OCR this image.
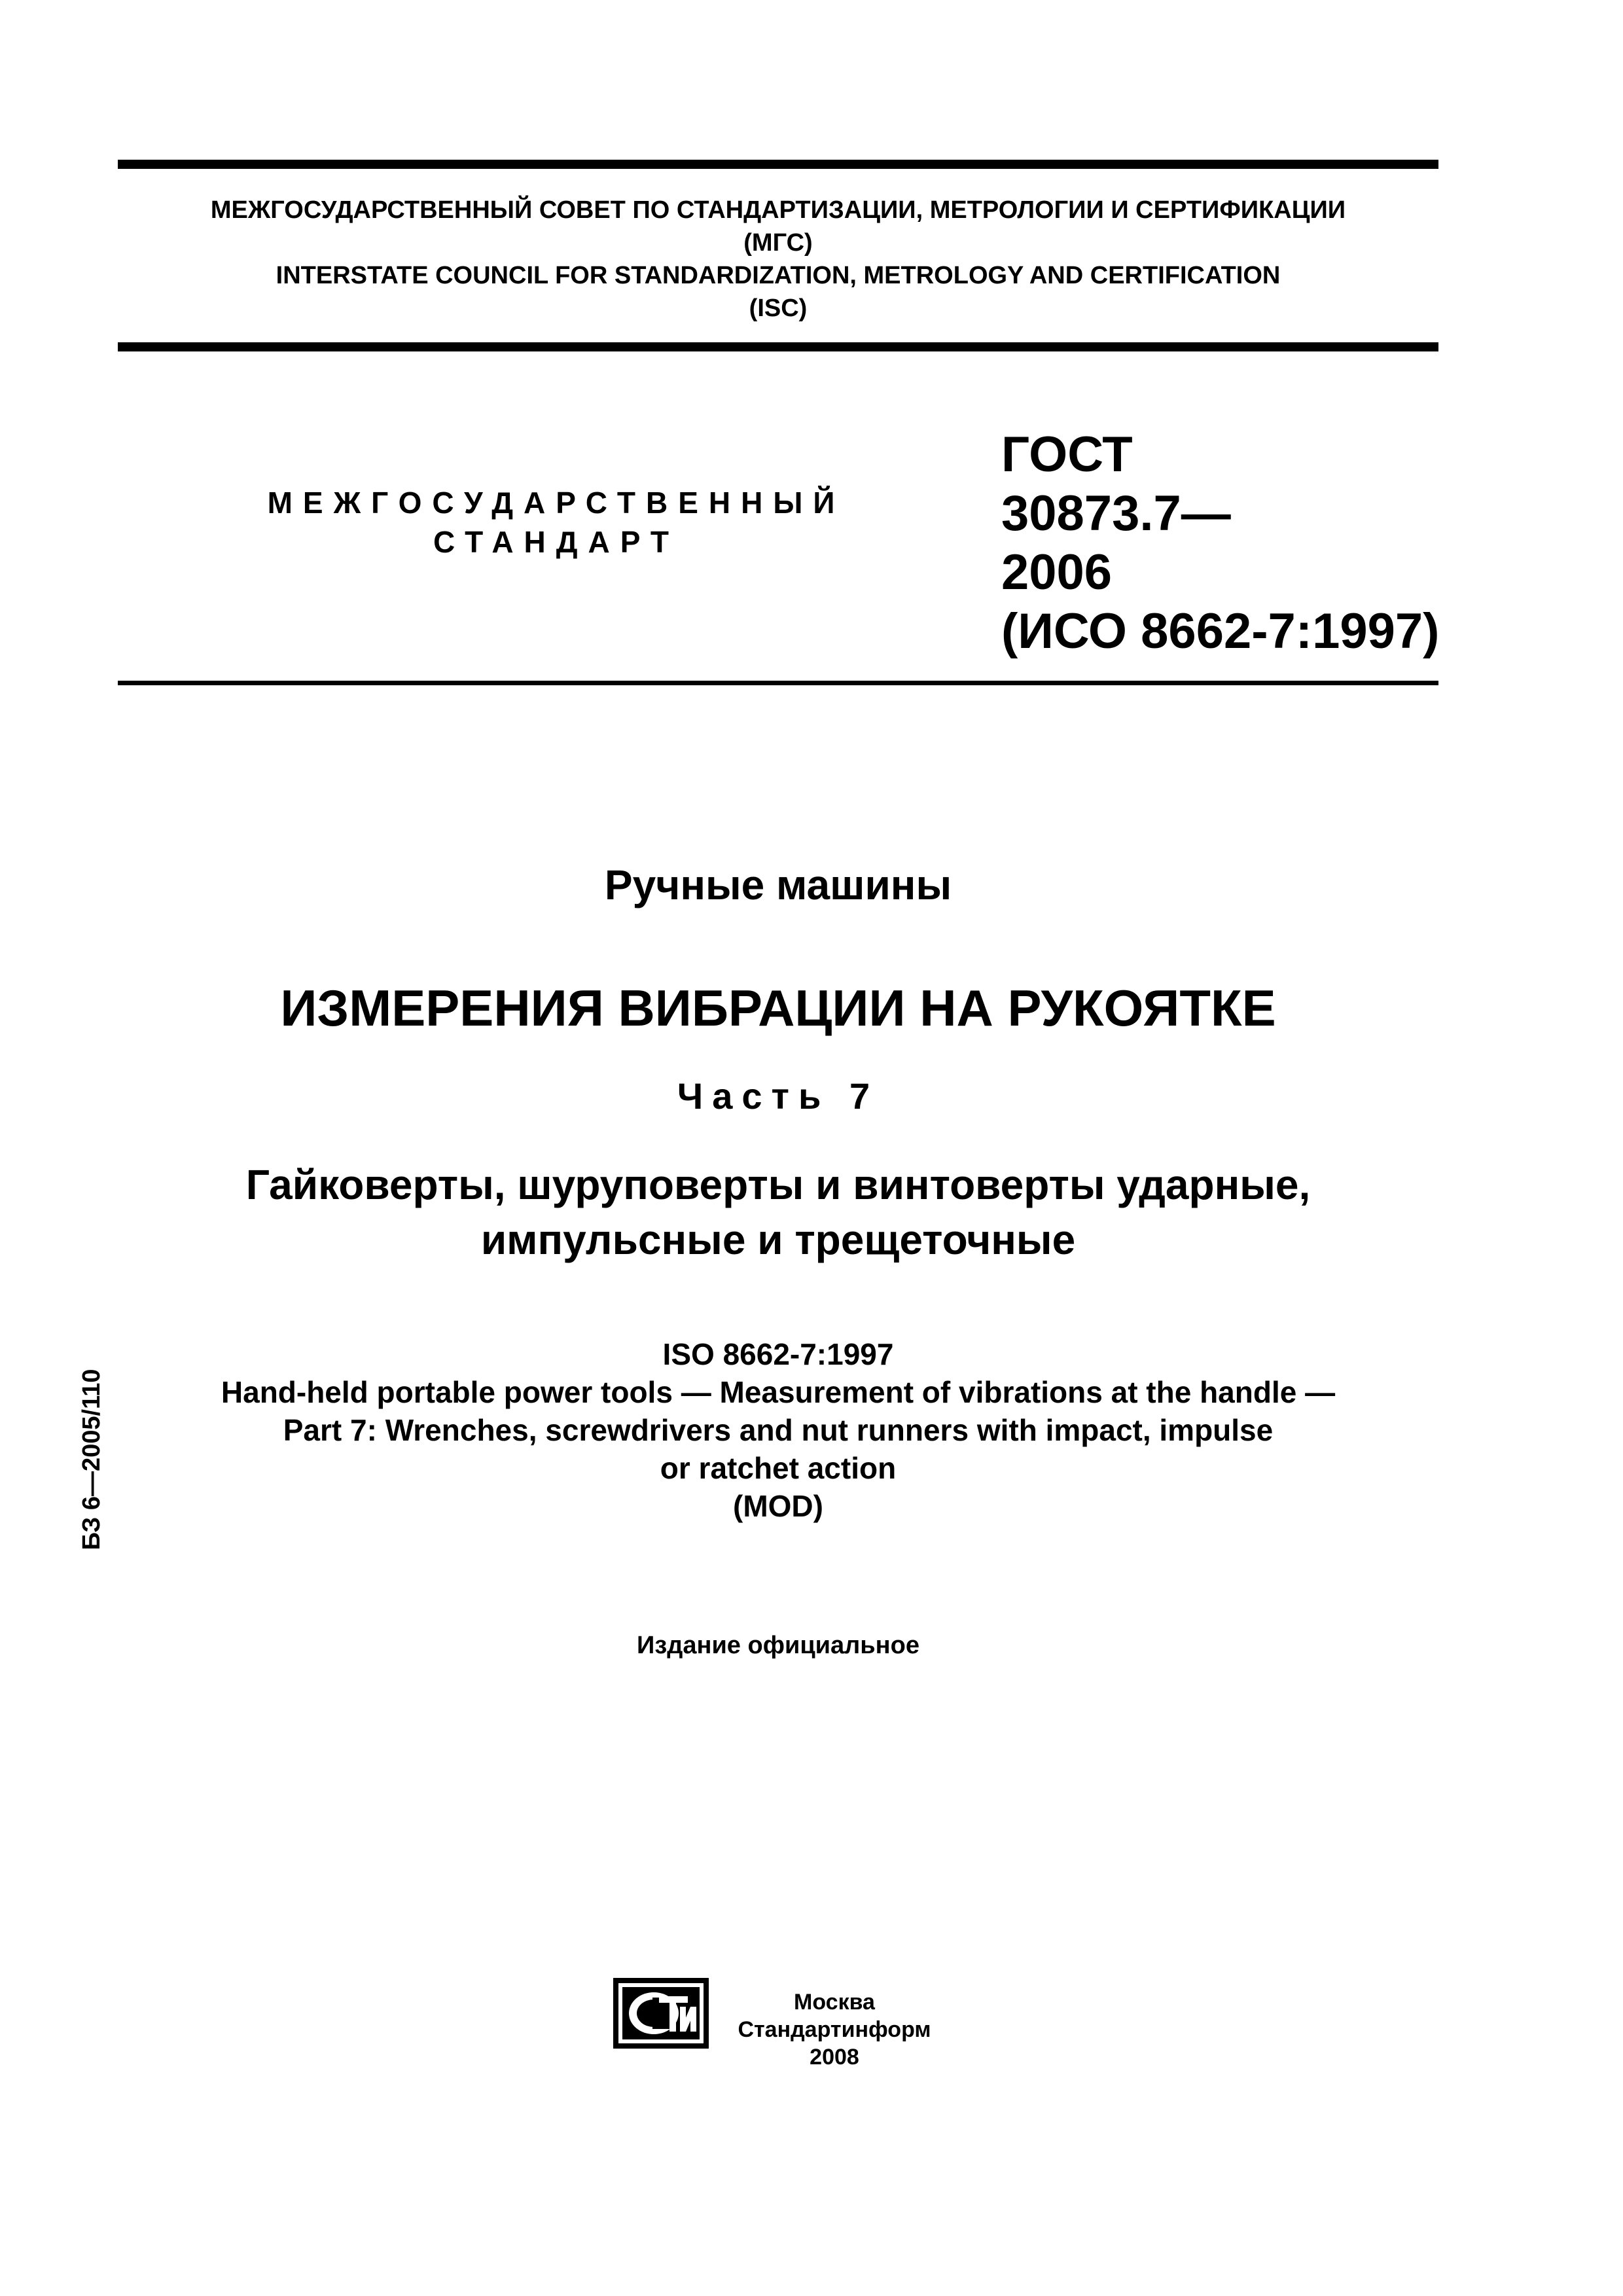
МЕЖГОСУДАРСТВЕННЫЙ СОВЕТ ПО СТАНДАРТИЗАЦИИ, МЕТРОЛОГИИ И СЕРТИФИКАЦИИ
(МГС)
INTERSTATE COUNCIL FOR STANDARDIZATION, METROLOGY AND CERTIFICATION
(ISC)
МЕЖГОСУДАРСТВЕННЫЙ
СТАНДАРТ
ГОСТ
30873.7—
2006
(ИСО 8662-7:1997)
Ручные машины
ИЗМЕРЕНИЯ ВИБРАЦИИ НА РУКОЯТКЕ
Часть 7
Гайковерты, шуруповерты и винтоверты ударные,
импульсные и трещеточные
ISO 8662-7:1997
Hand-held portable power tools — Measurement of vibrations at the handle —
Part 7: Wrenches, screwdrivers and nut runners with impact, impulse
or ratchet action
(MOD)
Издание официальное
БЗ 6—2005/110
Москва
Стандартинформ
2008
